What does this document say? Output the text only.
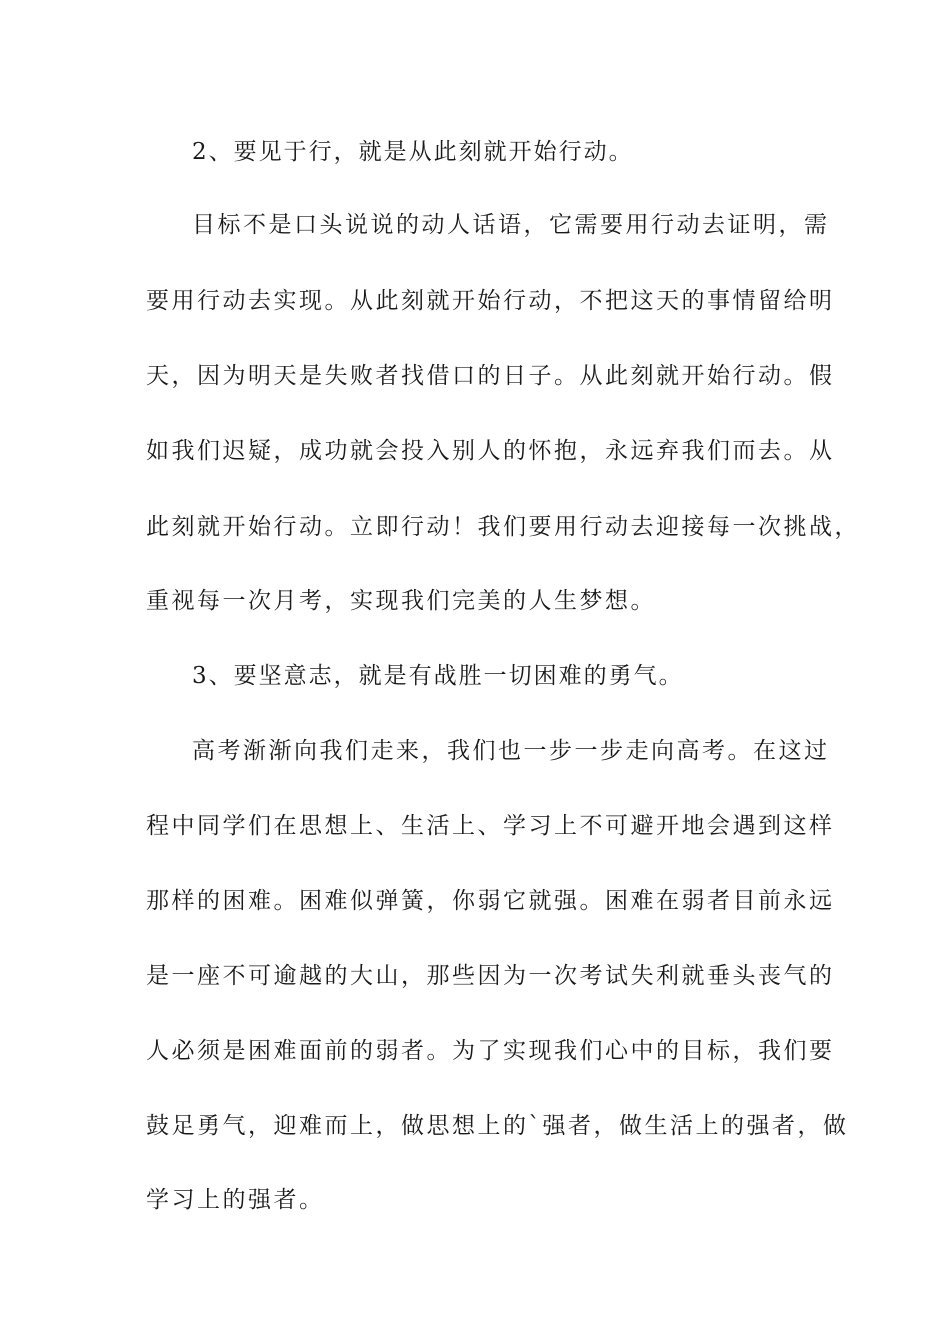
2、要见于行，就是从此刻就开始行动。
目标不是口头说说的动人话语，它需要用行动去证明，需
要用行动去实现。从此刻就开始行动，不把这天的事情留给明
天，因为明天是失败者找借口的日子。从此刻就开始行动。假
如我们迟疑，成功就会投入别人的怀抱，永远弃我们而去。从
此刻就开始行动。立即行动！我们要用行动去迎接每一次挑战，
重视每一次月考，实现我们完美的人生梦想。
3、要坚意志，就是有战胜一切困难的勇气。
高考渐渐向我们走来，我们也一步一步走向高考。在这过
程中同学们在思想上、生活上、学习上不可避开地会遇到这样
那样的困难。困难似弹簧，你弱它就强。困难在弱者目前永远
是一座不可逾越的大山，那些因为一次考试失利就垂头丧气的
人必须是困难面前的弱者。为了实现我们心中的目标，我们要
鼓足勇气，迎难而上，做思想上的`强者，做生活上的强者，做
学习上的强者。
